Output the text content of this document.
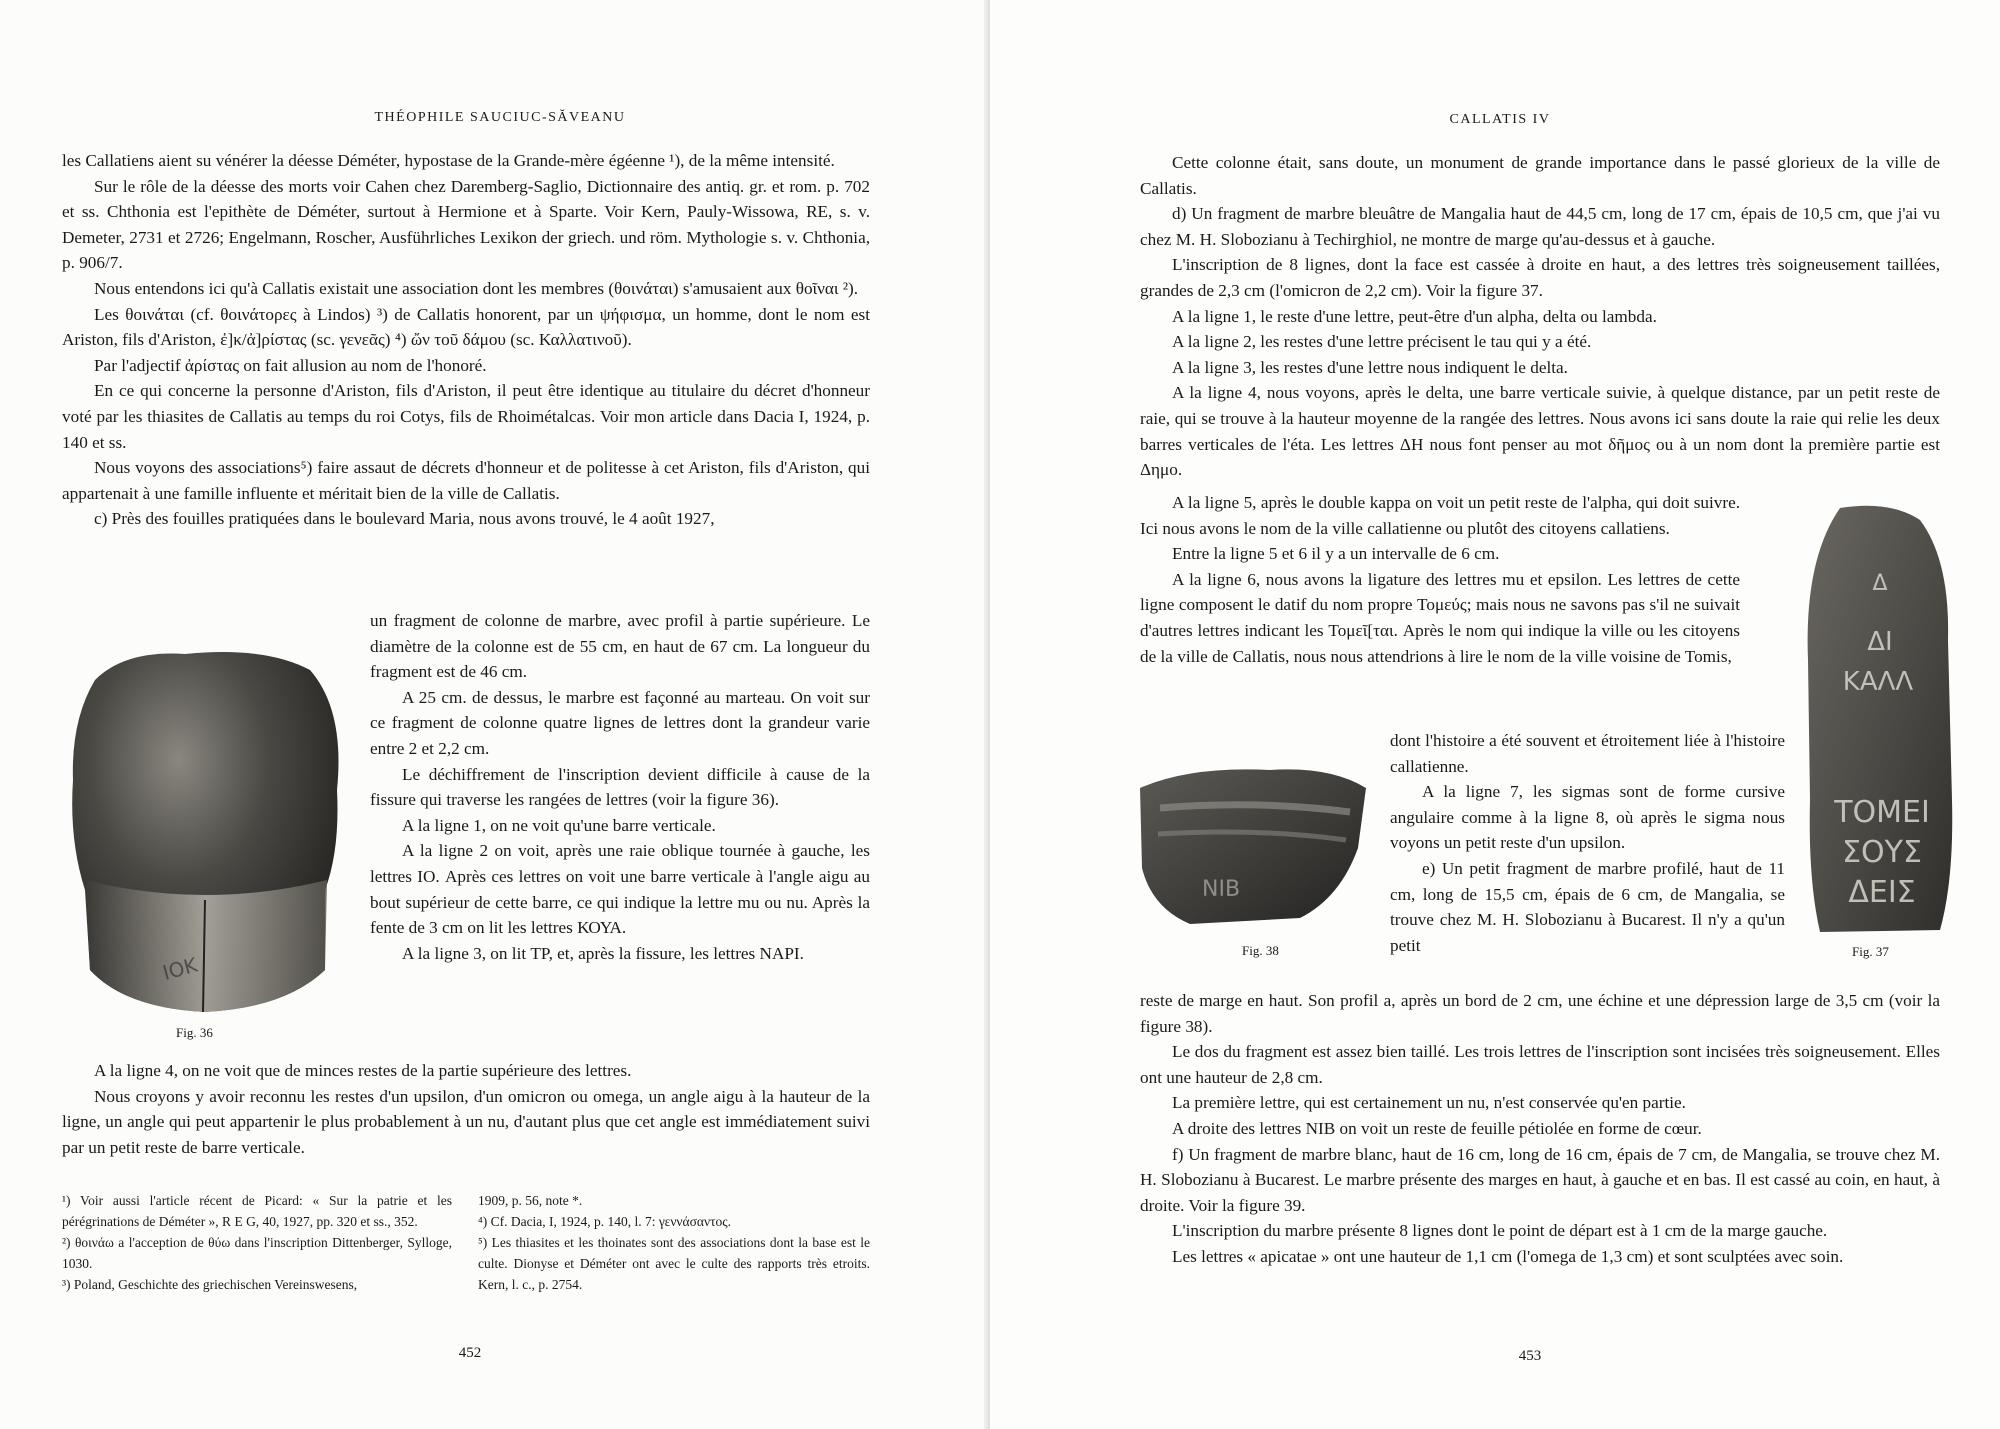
THÉOPHILE SAUCIUC-SĂVEANU

les Callatiens aient su vénérer la déesse Déméter, hypostase de la Grande-mère égéenne ¹), de la même intensité.

Sur le rôle de la déesse des morts voir Cahen chez Daremberg-Saglio, Dictionnaire des antiq. gr. et rom. p. 702 et ss. Chthonia est l'epithète de Déméter, surtout à Hermione et à Sparte. Voir Kern, Pauly-Wissowa, RE, s. v. Demeter, 2731 et 2726; Engelmann, Roscher, Ausführliches Lexikon der griech. und röm. Mythologie s. v. Chthonia, p. 906/7.

Nous entendons ici qu'à Callatis existait une association dont les membres (θοινάται) s'amusaient aux θοῖναι ²).

Les θοινάται (cf. θοινάτορες à Lindos) ³) de Callatis honorent, par un ψήφισμα, un homme, dont le nom est Ariston, fils d'Ariston, ἐ]κ/ἀ]ρίστας (sc. γενεᾶς) ⁴) ὤν τοῦ δάμου (sc. Καλλατινοῦ).

Par l'adjectif ἀρίστας on fait allusion au nom de l'honoré.

En ce qui concerne la personne d'Ariston, fils d'Ariston, il peut être identique au titulaire du décret d'honneur voté par les thiasites de Callatis au temps du roi Cotys, fils de Rhoimétalcas. Voir mon article dans Dacia I, 1924, p. 140 et ss.

Nous voyons des associations⁵) faire assaut de décrets d'honneur et de politesse à cet Ariston, fils d'Ariston, qui appartenait à une famille influente et méritait bien de la ville de Callatis.

c) Près des fouilles pratiquées dans le boulevard Maria, nous avons trouvé, le 4 août 1927,

ΙΟΚ
Fig. 36

un fragment de colonne de marbre, avec profil à partie supérieure. Le diamètre de la colonne est de 55 cm, en haut de 67 cm. La longueur du fragment est de 46 cm.

A 25 cm. de dessus, le marbre est façonné au marteau. On voit sur ce fragment de colonne quatre lignes de lettres dont la grandeur varie entre 2 et 2,2 cm.

Le déchiffrement de l'inscription devient difficile à cause de la fissure qui traverse les rangées de lettres (voir la figure 36).

A la ligne 1, on ne voit qu'une barre verticale.

A la ligne 2 on voit, après une raie oblique tournée à gauche, les lettres ΙΟ. Après ces lettres on voit une barre verticale à l'angle aigu au bout supérieur de cette barre, ce qui indique la lettre mu ou nu. Après la fente de 3 cm on lit les lettres ΚΟΥΑ.

A la ligne 3, on lit ΤΡ, et, après la fissure, les lettres ΝΑΡΙ.

A la ligne 4, on ne voit que de minces restes de la partie supérieure des lettres.

Nous croyons y avoir reconnu les restes d'un upsilon, d'un omicron ou omega, un angle aigu à la hauteur de la ligne, un angle qui peut appartenir le plus probablement à un nu, d'autant plus que cet angle est immédiatement suivi par un petit reste de barre verticale.

¹) Voir aussi l'article récent de Picard: « Sur la patrie et les pérégrinations de Déméter », R E G, 40, 1927, pp. 320 et ss., 352.

²) θοινάω a l'acception de θύω dans l'inscription Dittenberger, Sylloge, 1030.

³) Poland, Geschichte des griechischen Vereinswesens,

1909, p. 56, note *.

⁴) Cf. Dacia, I, 1924, p. 140, l. 7: γεννάσαντος.

⁵) Les thiasites et les thoinates sont des associations dont la base est le culte. Dionyse et Déméter ont avec le culte des rapports très etroits. Kern, l. c., p. 2754.

452
CALLATIS IV

Cette colonne était, sans doute, un monument de grande importance dans le passé glorieux de la ville de Callatis.

d) Un fragment de marbre bleuâtre de Mangalia haut de 44,5 cm, long de 17 cm, épais de 10,5 cm, que j'ai vu chez M. H. Slobozianu à Techirghiol, ne montre de marge qu'au-dessus et à gauche.

L'inscription de 8 lignes, dont la face est cassée à droite en haut, a des lettres très soigneusement taillées, grandes de 2,3 cm (l'omicron de 2,2 cm). Voir la figure 37.

A la ligne 1, le reste d'une lettre, peut-être d'un alpha, delta ou lambda.

A la ligne 2, les restes d'une lettre précisent le tau qui y a été.

A la ligne 3, les restes d'une lettre nous indiquent le delta.

A la ligne 4, nous voyons, après le delta, une barre verticale suivie, à quelque distance, par un petit reste de raie, qui se trouve à la hauteur moyenne de la rangée des lettres. Nous avons ici sans doute la raie qui relie les deux barres verticales de l'éta. Les lettres ΔΗ nous font penser au mot δῆμος ou à un nom dont la première partie est Δημο.

A la ligne 5, après le double kappa on voit un petit reste de l'alpha, qui doit suivre. Ici nous avons le nom de la ville callatienne ou plutôt des citoyens callatiens.

Entre la ligne 5 et 6 il y a un intervalle de 6 cm.

A la ligne 6, nous avons la ligature des lettres mu et epsilon. Les lettres de cette ligne composent le datif du nom propre Τομεύς; mais nous ne savons pas s'il ne suivait d'autres lettres indicant les Τομεῖ[ται. Après le nom qui indique la ville ou les citoyens de la ville de Callatis, nous nous attendrions à lire le nom de la ville voisine de Tomis,

Δ
ΔΙ
ΚΑΛΛ
ΤΟΜΕΙ
ΣΟΥΣ
ΔΕΙΣ
Fig. 37
ΝΙΒ
Fig. 38

dont l'histoire a été souvent et étroitement liée à l'histoire callatienne.

A la ligne 7, les sigmas sont de forme cursive angulaire comme à la ligne 8, où après le sigma nous voyons un petit reste d'un upsilon.

e) Un petit fragment de marbre profilé, haut de 11 cm, long de 15,5 cm, épais de 6 cm, de Mangalia, se trouve chez M. H. Slobozianu à Bucarest. Il n'y a qu'un petit

reste de marge en haut. Son profil a, après un bord de 2 cm, une échine et une dépression large de 3,5 cm (voir la figure 38).

Le dos du fragment est assez bien taillé. Les trois lettres de l'inscription sont incisées très soigneusement. Elles ont une hauteur de 2,8 cm.

La première lettre, qui est certainement un nu, n'est conservée qu'en partie.

A droite des lettres ΝΙΒ on voit un reste de feuille pétiolée en forme de cœur.

f) Un fragment de marbre blanc, haut de 16 cm, long de 16 cm, épais de 7 cm, de Mangalia, se trouve chez M. H. Slobozianu à Bucarest. Le marbre présente des marges en haut, à gauche et en bas. Il est cassé au coin, en haut, à droite. Voir la figure 39.

L'inscription du marbre présente 8 lignes dont le point de départ est à 1 cm de la marge gauche.

Les lettres « apicatae » ont une hauteur de 1,1 cm (l'omega de 1,3 cm) et sont sculptées avec soin.

453
